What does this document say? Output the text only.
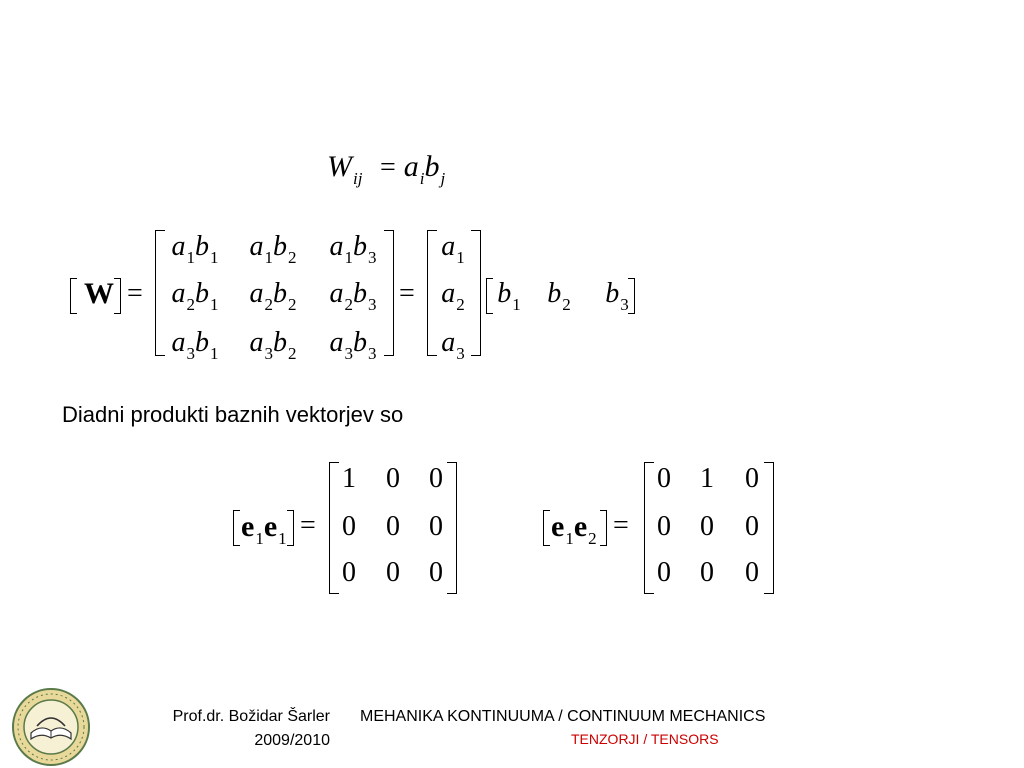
$W_{ij} = a_ib_j$
W =
$a_1b_1$ $a_1b_2$ $a_1b_3$
$a_2b_1$ $a_2b_2$ $a_2b_3$
$a_3b_1$ $a_3b_2$ $a_3b_3$
=
$a_1$
$a_2$
$a_3$
$b_1$ $b_2$ $b_3$
Diadni produkti baznih vektorjev so
$e_1e_1$ =
1 0 0
0 0 0
0 0 0
$e_1e_2$ =
0 1 0
0 0 0
0 0 0
Prof.dr. Božidar Šarler
2009/2010
MEHANIKA KONTINUUMA / CONTINUUM MECHANICS
TENZORJI / TENSORS
